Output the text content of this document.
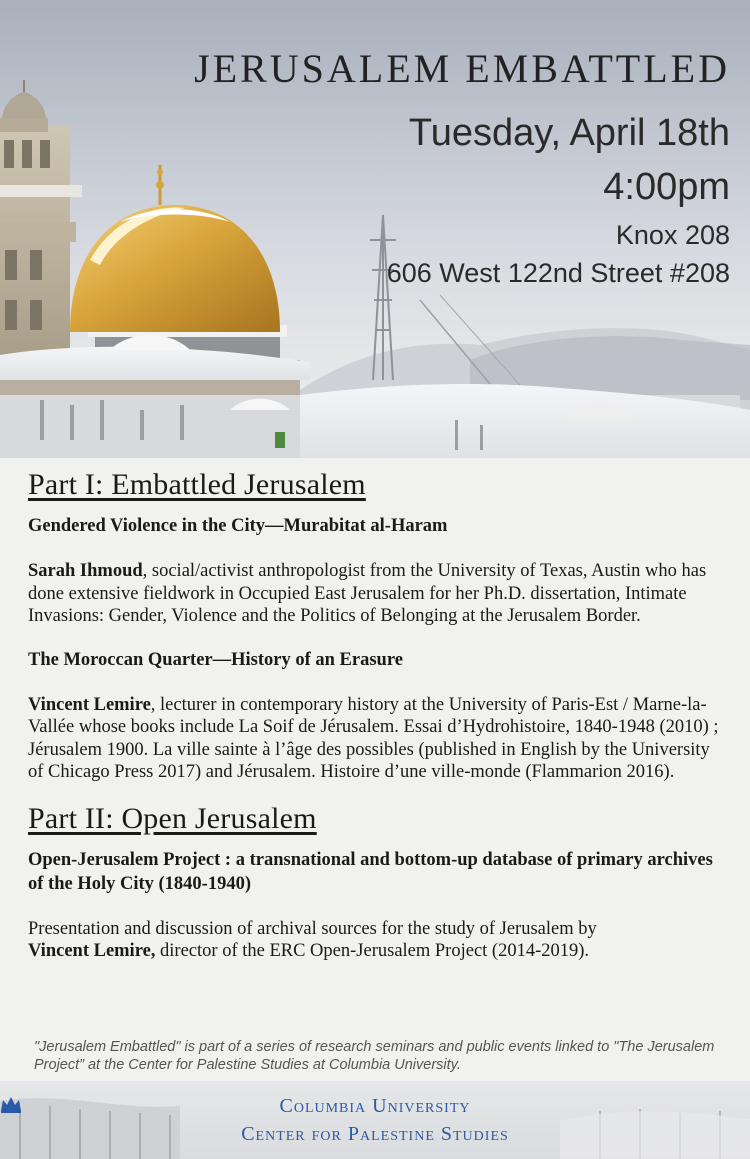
JERUSALEM EMBATTLED
Tuesday, April 18th
4:00pm
Knox 208
606 West 122nd Street #208
Part I: Embattled Jerusalem

Gendered Violence in the City—Murabitat al-Haram

Sarah Ihmoud, social/activist anthropologist from the University of Texas, Austin who has done extensive fieldwork in Occupied East Jerusalem for her Ph.D. dissertation, Intimate Invasions: Gender, Violence and the Politics of Belonging at the Jerusalem Border.

The Moroccan Quarter—History of an Erasure

Vincent Lemire, lecturer in contemporary history at the University of Paris-Est / Marne-la-Vallée whose books include La Soif de Jérusalem. Essai d’Hydrohistoire, 1840-1948 (2010) ; Jérusalem 1900. La ville sainte à l’âge des possibles (published in English by the University of Chicago Press 2017) and Jérusalem. Histoire d’une ville-monde (Flammarion 2016).

Part II: Open Jerusalem

Open-Jerusalem Project : a transnational and bottom-up database of primary archives of the Holy City (1840-1940)

Presentation and discussion of archival sources for the study of Jerusalem by
Vincent Lemire, director of the ERC Open-Jerusalem Project (2014-2019).

"Jerusalem Embattled" is part of a series of research seminars and public events linked to "The Jerusalem Project” at the Center for Palestine Studies at Columbia University.
Columbia University
Center for Palestine Studies
